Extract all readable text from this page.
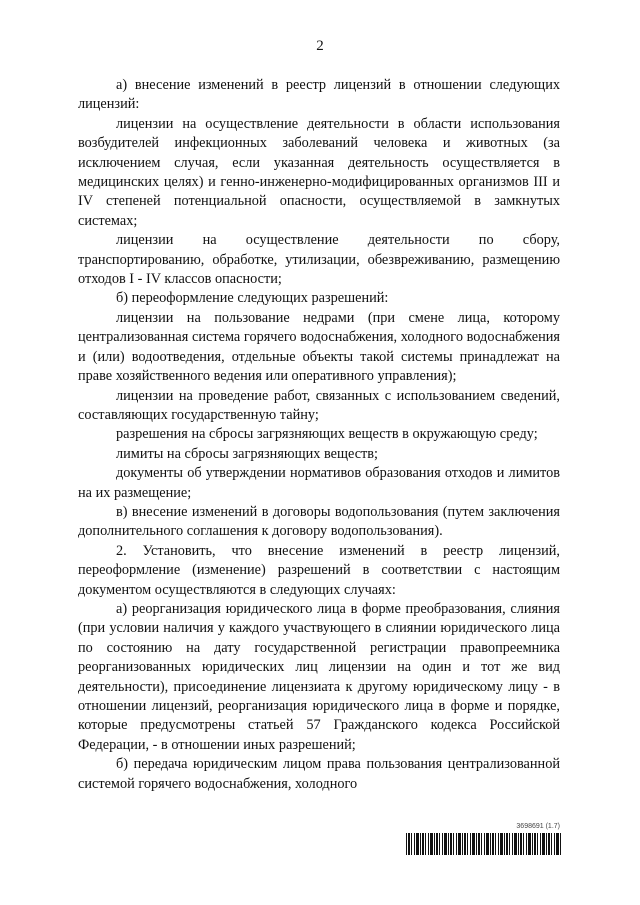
2

а) внесение изменений в реестр лицензий в отношении следующих лицензий:

лицензии на осуществление деятельности в области использования возбудителей инфекционных заболеваний человека и животных (за исключением случая, если указанная деятельность осуществляется в медицинских целях) и генно-инженерно-модифицированных организмов III и IV степеней потенциальной опасности, осуществляемой в замкнутых системах;

лицензии на осуществление деятельности по сбору, транспортированию, обработке, утилизации, обезвреживанию, размещению отходов I - IV классов опасности;

б) переоформление следующих разрешений:

лицензии на пользование недрами (при смене лица, которому централизованная система горячего водоснабжения, холодного водоснабжения и (или) водоотведения, отдельные объекты такой системы принадлежат на праве хозяйственного ведения или оперативного управления);

лицензии на проведение работ, связанных с использованием сведений, составляющих государственную тайну;

разрешения на сбросы загрязняющих веществ в окружающую среду;

лимиты на сбросы загрязняющих веществ;

документы об утверждении нормативов образования отходов и лимитов на их размещение;

в) внесение изменений в договоры водопользования (путем заключения дополнительного соглашения к договору водопользования).

2. Установить, что внесение изменений в реестр лицензий, переоформление (изменение) разрешений в соответствии с настоящим документом осуществляются в следующих случаях:

а) реорганизация юридического лица в форме преобразования, слияния (при условии наличия у каждого участвующего в слиянии юридического лица по состоянию на дату государственной регистрации правопреемника реорганизованных юридических лиц лицензии на один и тот же вид деятельности), присоединение лицензиата к другому юридическому лицу - в отношении лицензий, реорганизация юридического лица в форме и порядке, которые предусмотрены статьей 57 Гражданского кодекса Российской Федерации, - в отношении иных разрешений;

б) передача юридическим лицом права пользования централизованной системой горячего водоснабжения, холодного

3698691 (1.7)
